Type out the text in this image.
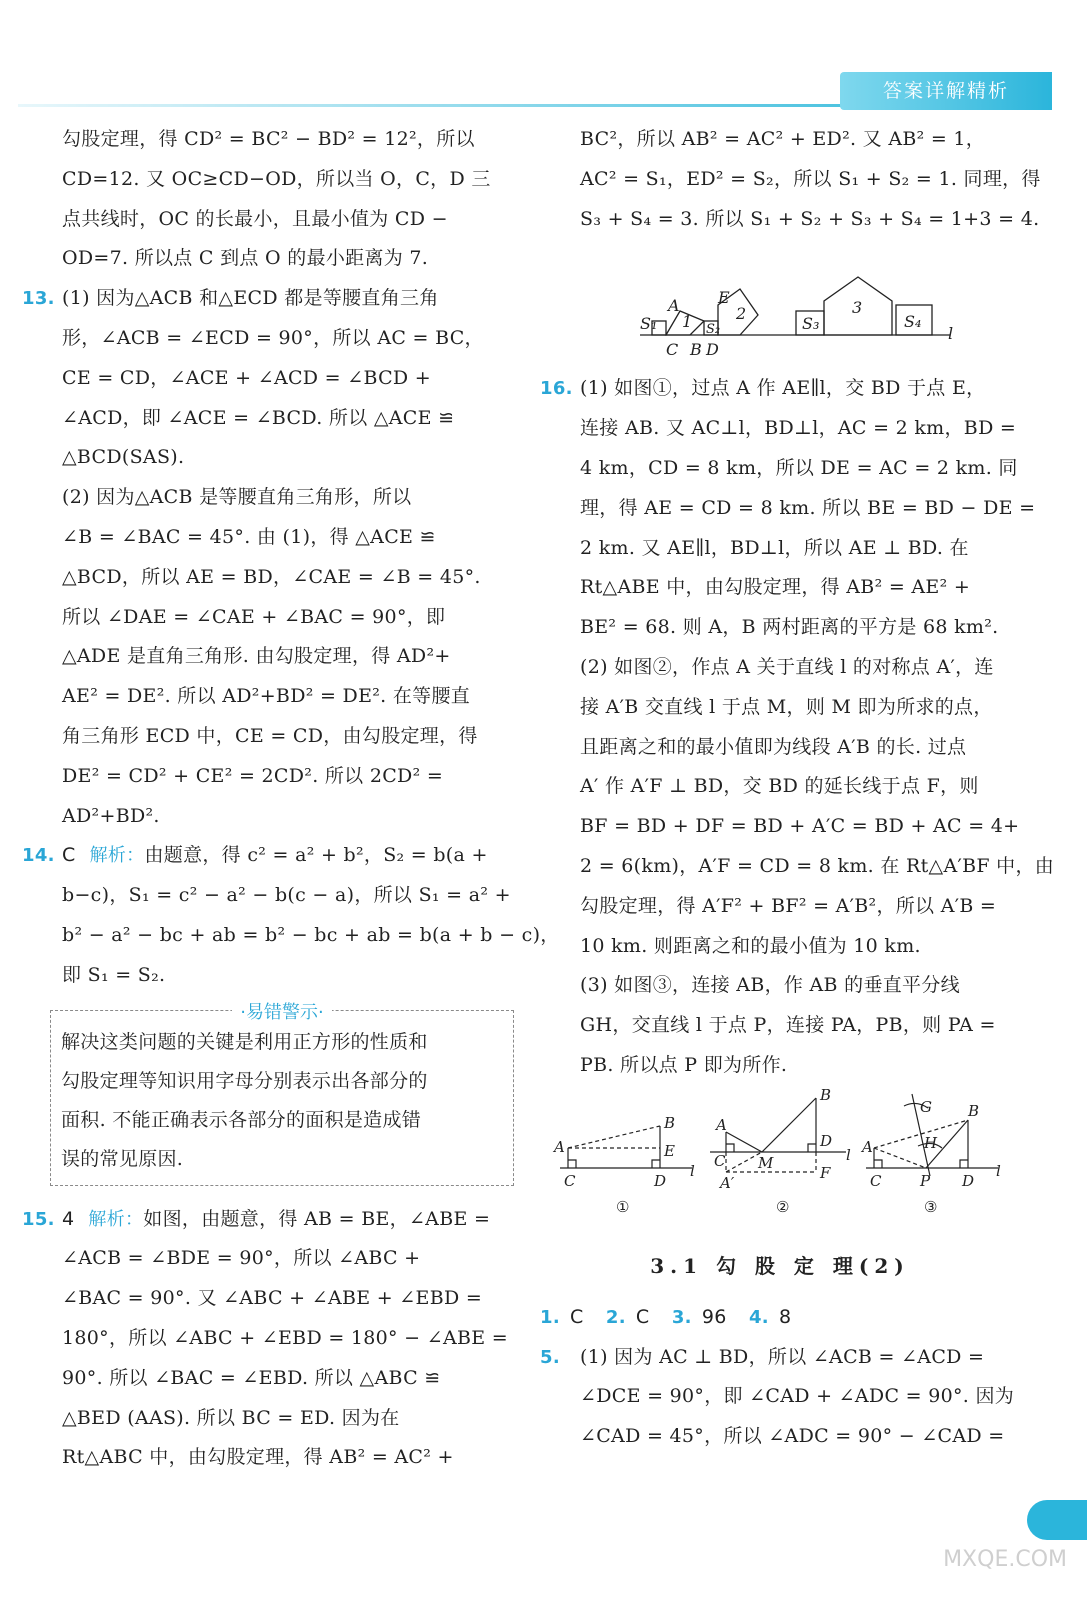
答案详解精析

勾股定理，得 CD² = BC² − BD² = 12²，所以

CD=12. 又 OC≥CD−OD，所以当 O，C，D 三

点共线时，OC 的长最小，且最小值为 CD −

OD=7. 所以点 C 到点 O 的最小距离为 7.

13. (1) 因为△ACB 和△ECD 都是等腰直角三角

形，∠ACB = ∠ECD = 90°，所以 AC = BC，

CE = CD，∠ACE + ∠ACD = ∠BCD +

∠ACD，即 ∠ACE = ∠BCD. 所以 △ACE ≌

△BCD(SAS).

(2) 因为△ACB 是等腰直角三角形，所以

∠B = ∠BAC = 45°. 由 (1)，得 △ACE ≌

△BCD，所以 AE = BD，∠CAE = ∠B = 45°.

所以 ∠DAE = ∠CAE + ∠BAC = 90°，即

△ADE 是直角三角形. 由勾股定理，得 AD²+

AE² = DE². 所以 AD²+BD² = DE². 在等腰直

角三角形 ECD 中，CE = CD，由勾股定理，得

DE² = CD² + CE² = 2CD². 所以 2CD² =

AD²+BD².

14. C 解析：由题意，得 c² = a² + b²，S₂ = b(a +

b−c)，S₁ = c² − a² − b(c − a)，所以 S₁ = a² +

b² − a² − bc + ab = b² − bc + ab = b(a + b − c)，

即 S₁ = S₂.

·易错警示·

解决这类问题的关键是利用正方形的性质和

勾股定理等知识用字母分别表示出各部分的

面积. 不能正确表示各部分的面积是造成错

误的常见原因.

15. 4 解析：如图，由题意，得 AB = BE，∠ABE =

∠ACB = ∠BDE = 90°，所以 ∠ABC +

∠BAC = 90°. 又 ∠ABC + ∠ABE + ∠EBD =

180°，所以 ∠ABC + ∠EBD = 180° − ∠ABE =

90°. 所以 ∠BAC = ∠EBD. 所以 △ABC ≌

△BED (AAS). 所以 BC = ED. 因为在

Rt△ABC 中，由勾股定理，得 AB² = AC² +

BC²，所以 AB² = AC² + ED². 又 AB² = 1，

AC² = S₁，ED² = S₂，所以 S₁ + S₂ = 1. 同理，得

S₃ + S₄ = 3. 所以 S₁ + S₂ + S₃ + S₄ = 1+3 = 4.

S₁
A
1
E
S₂
2
S₃
3
S₄
l
C B D

16. (1) 如图①，过点 A 作 AE∥l，交 BD 于点 E，

连接 AB. 又 AC⊥l，BD⊥l，AC = 2 km，BD =

4 km，CD = 8 km，所以 DE = AC = 2 km. 同

理，得 AE = CD = 8 km. 所以 BE = BD − DE =

2 km. 又 AE∥l，BD⊥l，所以 AE ⊥ BD. 在

Rt△ABE 中，由勾股定理，得 AB² = AE² +

BE² = 68. 则 A，B 两村距离的平方是 68 km².

(2) 如图②，作点 A 关于直线 l 的对称点 A′，连

接 A′B 交直线 l 于点 M，则 M 即为所求的点，

且距离之和的最小值即为线段 A′B 的长. 过点

A′ 作 A′F ⊥ BD，交 BD 的延长线于点 F，则

BF = BD + DF = BD + A′C = BD + AC = 4+

2 = 6(km)，A′F = CD = 8 km. 在 Rt△A′BF 中，由

勾股定理，得 A′F² + BF² = A′B²，所以 A′B =

10 km. 则距离之和的最小值为 10 km.

(3) 如图③，连接 AB，作 AB 的垂直平分线

GH，交直线 l 于点 P，连接 PA，PB，则 PA =

PB. 所以点 P 即为所作.

A
B
E
C	D
l
①
A
B
D
C M	l
A′
F
②
G B
A	H
l
C	P D
③
3.1 勾 股 定 理(2)

1. C 2. C 3. 96 4. 8

5. (1) 因为 AC ⊥ BD，所以 ∠ACB = ∠ACD =

∠DCE = 90°，即 ∠CAD + ∠ADC = 90°. 因为

∠CAD = 45°，所以 ∠ADC = 90° − ∠CAD =

MXQE.COM
